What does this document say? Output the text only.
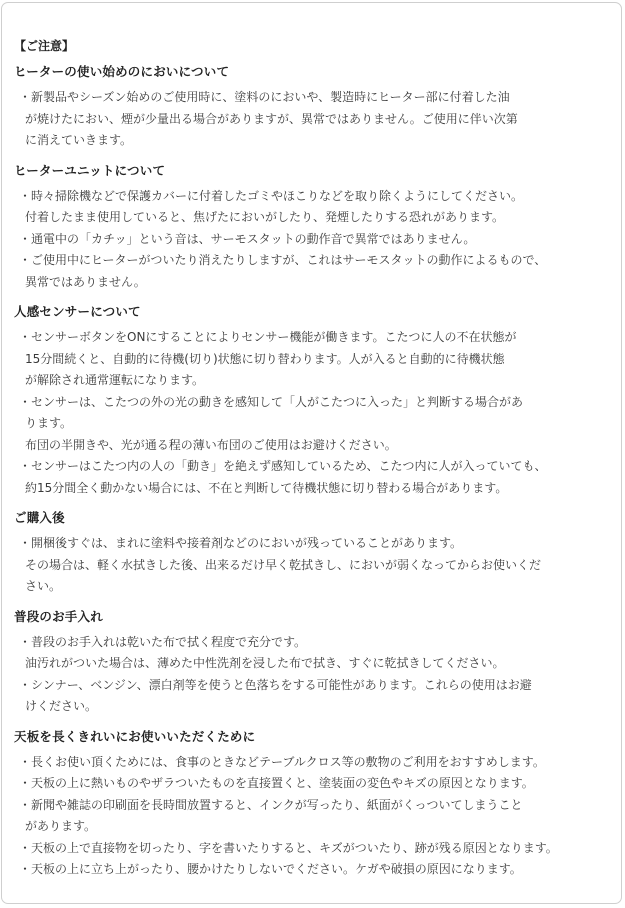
【ご注意】
ヒーターの使い始めのにおいについて
・新製品やシーズン始めのご使用時に、塗料のにおいや、製造時にヒーター部に付着した油
が焼けたにおい、煙が少量出る場合がありますが、異常ではありません。ご使用に伴い次第
に消えていきます。
ヒーターユニットについて
・時々掃除機などで保護カバーに付着したゴミやほこりなどを取り除くようにしてください。
付着したまま使用していると、焦げたにおいがしたり、発煙したりする恐れがあります。
・通電中の「カチッ」という音は、サーモスタットの動作音で異常ではありません。
・ご使用中にヒーターがついたり消えたりしますが、これはサーモスタットの動作によるもので、
異常ではありません。
人感センサーについて
・センサーボタンをONにすることによりセンサー機能が働きます。こたつに人の不在状態が
15分間続くと、自動的に待機(切り)状態に切り替わります。人が入ると自動的に待機状態
が解除され通常運転になります。
・センサーは、こたつの外の光の動きを感知して「人がこたつに入った」と判断する場合があ
ります。
布団の半開きや、光が通る程の薄い布団のご使用はお避けください。
・センサーはこたつ内の人の「動き」を絶えず感知しているため、こたつ内に人が入っていても、
約15分間全く動かない場合には、不在と判断して待機状態に切り替わる場合があります。
ご購入後
・開梱後すぐは、まれに塗料や接着剤などのにおいが残っていることがあります。
その場合は、軽く水拭きした後、出来るだけ早く乾拭きし、においが弱くなってからお使いくだ
さい。
普段のお手入れ
・普段のお手入れは乾いた布で拭く程度で充分です。
油汚れがついた場合は、薄めた中性洗剤を浸した布で拭き、すぐに乾拭きしてください。
・シンナー、ベンジン、漂白剤等を使うと色落ちをする可能性があります。これらの使用はお避
けください。
天板を長くきれいにお使いいただくために
・長くお使い頂くためには、食事のときなどテーブルクロス等の敷物のご利用をおすすめします。
・天板の上に熱いものやザラついたものを直接置くと、塗装面の変色やキズの原因となります。
・新聞や雑誌の印刷面を長時間放置すると、インクが写ったり、紙面がくっついてしまうこと
があります。
・天板の上で直接物を切ったり、字を書いたりすると、キズがついたり、跡が残る原因となります。
・天板の上に立ち上がったり、腰かけたりしないでください。ケガや破損の原因になります。
